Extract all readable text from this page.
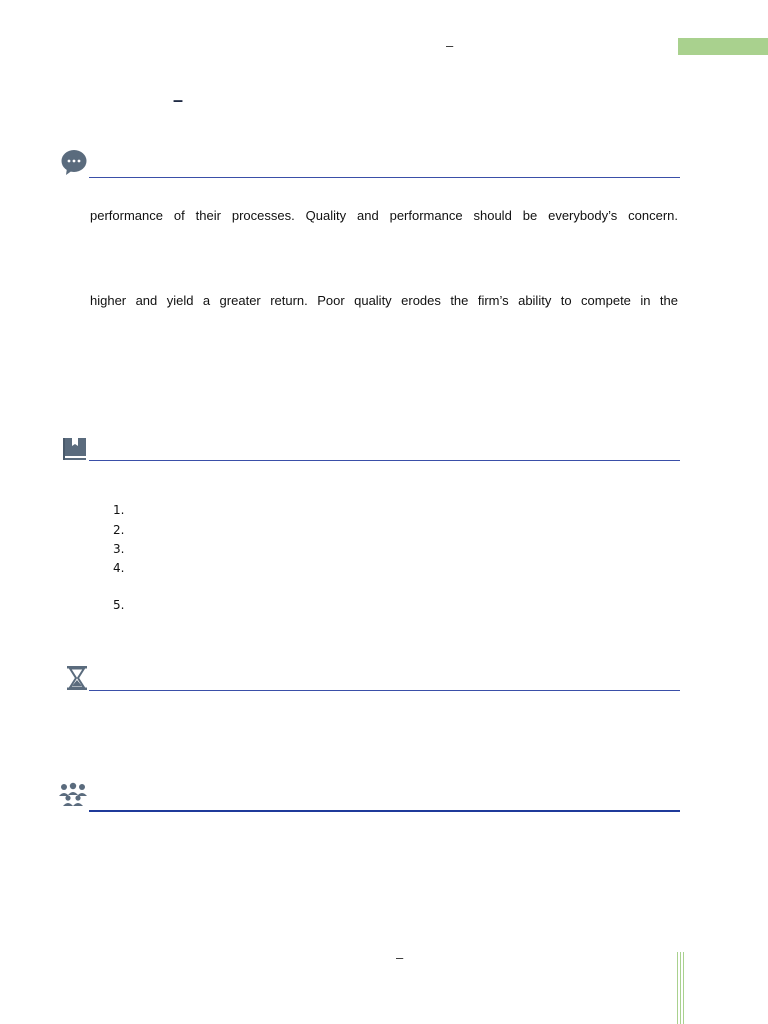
–
–
performance of their processes. Quality and performance should be everybody’s concern.
higher and yield a greater return. Poor quality erodes the firm’s ability to compete in the
1.
2.
3.
4.
5.
–
